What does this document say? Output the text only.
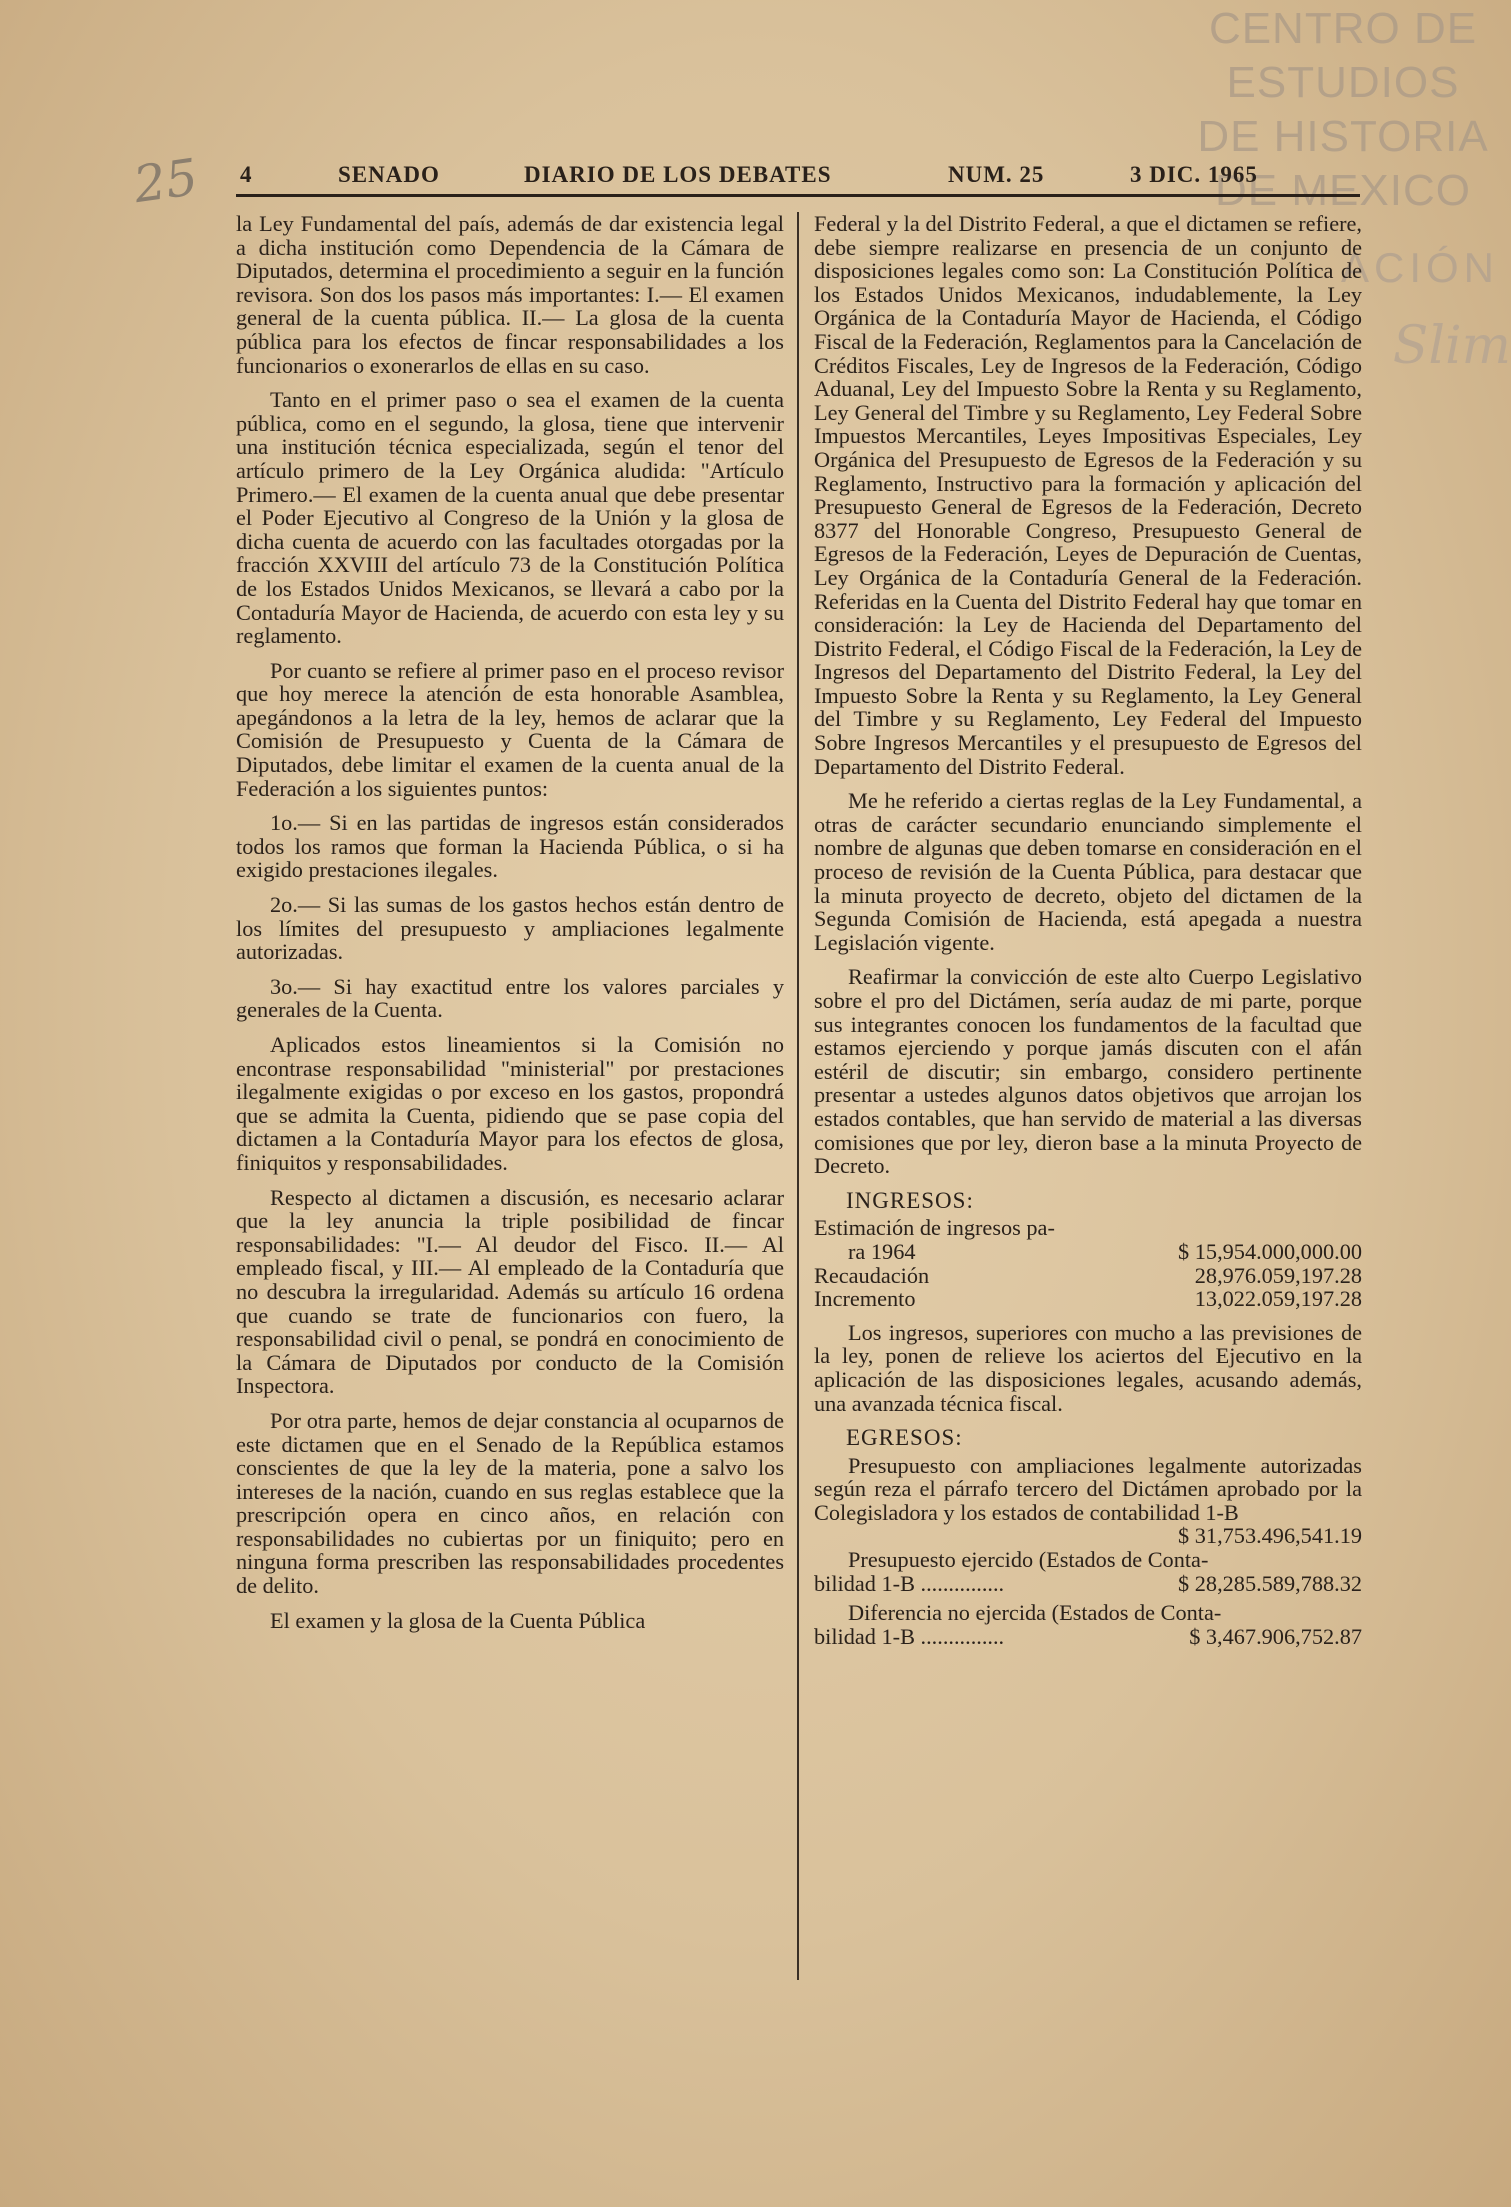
CENTRO DE
ESTUDIOS
DE HISTORIA
DE MEXICO
ACIÓN
Slim
25 4	SENADO	DIARIO DE LOS DEBATES	NUM. 25	3 DIC. 1965

la Ley Fundamental del país, además de dar existencia legal a dicha institución como Dependencia de la Cámara de Diputados, determina el procedimiento a seguir en la función revisora. Son dos los pasos más importantes: I.— El examen general de la cuenta pública. II.— La glosa de la cuenta pública para los efectos de fincar responsabilidades a los funcionarios o exonerarlos de ellas en su caso.

Tanto en el primer paso o sea el examen de la cuenta pública, como en el segundo, la glosa, tiene que intervenir una institución técnica especializada, según el tenor del artículo primero de la Ley Orgánica aludida: "Artículo Primero.— El examen de la cuenta anual que debe presentar el Poder Ejecutivo al Congreso de la Unión y la glosa de dicha cuenta de acuerdo con las facultades otorgadas por la fracción XXVIII del artículo 73 de la Constitución Política de los Estados Unidos Mexicanos, se llevará a cabo por la Contaduría Mayor de Hacienda, de acuerdo con esta ley y su reglamento.

Por cuanto se refiere al primer paso en el proceso revisor que hoy merece la atención de esta honorable Asamblea, apegándonos a la letra de la ley, hemos de aclarar que la Comisión de Presupuesto y Cuenta de la Cámara de Diputados, debe limitar el examen de la cuenta anual de la Federación a los siguientes puntos:

1o.— Si en las partidas de ingresos están considerados todos los ramos que forman la Hacienda Pública, o si ha exigido prestaciones ilegales.

2o.— Si las sumas de los gastos hechos están dentro de los límites del presupuesto y ampliaciones legalmente autorizadas.

3o.— Si hay exactitud entre los valores parciales y generales de la Cuenta.

Aplicados estos lineamientos si la Comisión no encontrase responsabilidad "ministerial" por prestaciones ilegalmente exigidas o por exceso en los gastos, propondrá que se admita la Cuenta, pidiendo que se pase copia del dictamen a la Contaduría Mayor para los efectos de glosa, finiquitos y responsabilidades.

Respecto al dictamen a discusión, es necesario aclarar que la ley anuncia la triple posibilidad de fincar responsabilidades: "I.— Al deudor del Fisco. II.— Al empleado fiscal, y III.— Al empleado de la Contaduría que no descubra la irregularidad. Además su artículo 16 ordena que cuando se trate de funcionarios con fuero, la responsabilidad civil o penal, se pondrá en conocimiento de la Cámara de Diputados por conducto de la Comisión Inspectora.

Por otra parte, hemos de dejar constancia al ocuparnos de este dictamen que en el Senado de la República estamos conscientes de que la ley de la materia, pone a salvo los intereses de la nación, cuando en sus reglas establece que la prescripción opera en cinco años, en relación con responsabilidades no cubiertas por un finiquito; pero en ninguna forma prescriben las responsabilidades procedentes de delito.

El examen y la glosa de la Cuenta Pública

Federal y la del Distrito Federal, a que el dictamen se refiere, debe siempre realizarse en presencia de un conjunto de disposiciones legales como son: La Constitución Política de los Estados Unidos Mexicanos, indudablemente, la Ley Orgánica de la Contaduría Mayor de Hacienda, el Código Fiscal de la Federación, Reglamentos para la Cancelación de Créditos Fiscales, Ley de Ingresos de la Federación, Código Aduanal, Ley del Impuesto Sobre la Renta y su Reglamento, Ley General del Timbre y su Reglamento, Ley Federal Sobre Impuestos Mercantiles, Leyes Impositivas Especiales, Ley Orgánica del Presupuesto de Egresos de la Federación y su Reglamento, Instructivo para la formación y aplicación del Presupuesto General de Egresos de la Federación, Decreto 8377 del Honorable Congreso, Presupuesto General de Egresos de la Federación, Leyes de Depuración de Cuentas, Ley Orgánica de la Contaduría General de la Federación. Referidas en la Cuenta del Distrito Federal hay que tomar en consideración: la Ley de Hacienda del Departamento del Distrito Federal, el Código Fiscal de la Federación, la Ley de Ingresos del Departamento del Distrito Federal, la Ley del Impuesto Sobre la Renta y su Reglamento, la Ley General del Timbre y su Reglamento, Ley Federal del Impuesto Sobre Ingresos Mercantiles y el presupuesto de Egresos del Departamento del Distrito Federal.

Me he referido a ciertas reglas de la Ley Fundamental, a otras de carácter secundario enunciando simplemente el nombre de algunas que deben tomarse en consideración en el proceso de revisión de la Cuenta Pública, para destacar que la minuta proyecto de decreto, objeto del dictamen de la Segunda Comisión de Hacienda, está apegada a nuestra Legislación vigente.

Reafirmar la convicción de este alto Cuerpo Legislativo sobre el pro del Dictámen, sería audaz de mi parte, porque sus integrantes conocen los fundamentos de la facultad que estamos ejerciendo y porque jamás discuten con el afán estéril de discutir; sin embargo, considero pertinente presentar a ustedes algunos datos objetivos que arrojan los estados contables, que han servido de material a las diversas comisiones que por ley, dieron base a la minuta Proyecto de Decreto.

INGRESOS:
Estimación de ingresos pa-
ra 1964	$ 15,954.000,000.00
Recaudación	28,976.059,197.28
Incremento	13,022.059,197.28

Los ingresos, superiores con mucho a las previsiones de la ley, ponen de relieve los aciertos del Ejecutivo en la aplicación de las disposiciones legales, acusando además, una avanzada técnica fiscal.

EGRESOS:

Presupuesto con ampliaciones legalmente autorizadas según reza el párrafo tercero del Dictámen aprobado por la Colegisladora y los estados de contabilidad 1-B
$ 31,753.496,541.19

Presupuesto ejercido (Estados de Conta-
bilidad 1-B ...............	$ 28,285.589,788.32
Diferencia no ejercida (Estados de Conta-
bilidad 1-B ...............	$ 3,467.906,752.87
